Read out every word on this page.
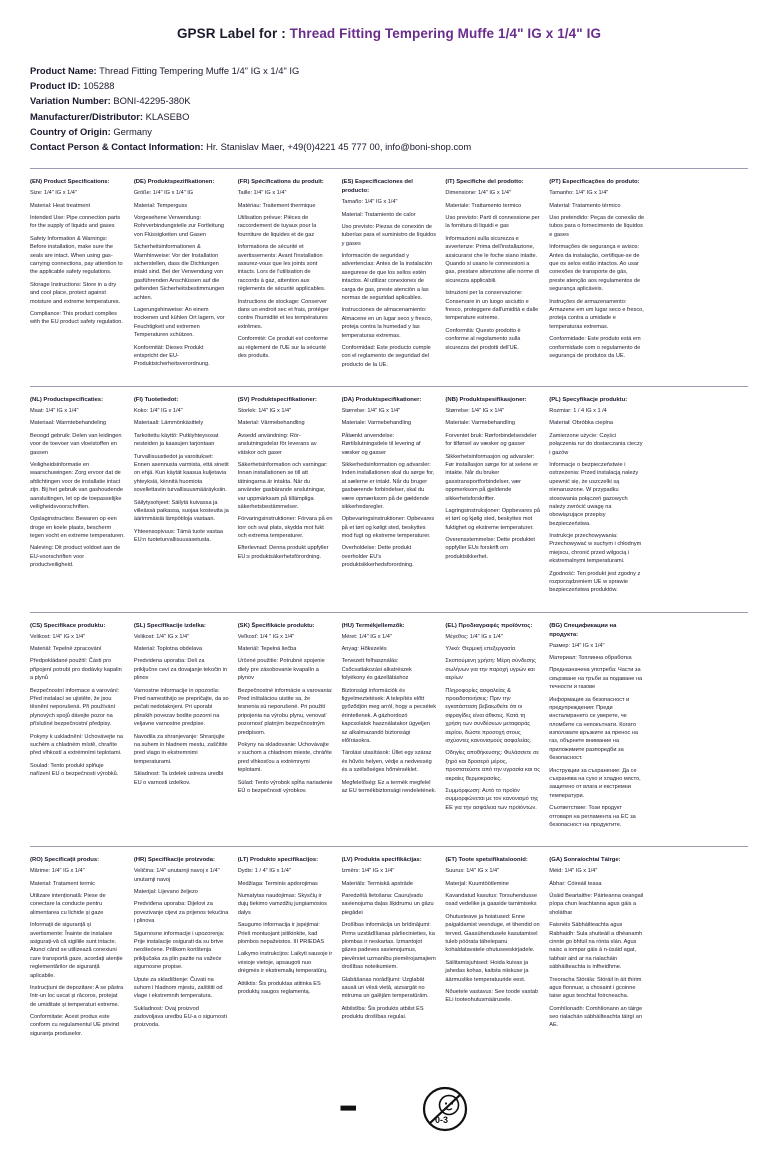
GPSR Label for : Thread Fitting Tempering Muffe 1/4" IG x 1/4" IG
Product Name: Thread Fitting Tempering Muffe 1/4" IG x 1/4" IG
Product ID: 105288
Variation Number: BONI-42295-380K
Manufacturer/Distributor: KLASEBO
Country of Origin: Germany
Contact Person & Contact Information: Hr. Stanislav Maer, +49(0)4221 45 777 00, info@boni-shop.com
(EN) Product Specifications:

Size: 1/4" IG x 1/4"

Material: Heat treatment

Intended Use: Pipe connection parts for the supply of liquids and gases

Safety Information & Warnings: Before installation, make sure the seals are intact. When using gas-carrying connections, pay attention to the applicable safety regulations.

Storage Instructions: Store in a dry and cool place, protect against moisture and extreme temperatures.

Compliance: This product complies with the EU product safety regulation.

(DE) Produktspezifikationen:

Größe: 1/4" IG x 1/4" IG

Material: Temperguss

Vorgesehene Verwendung: Rohrverbindungsteile zur Fortleitung von Flüssigkeiten und Gasen

Sicherheitsinformationen & Warnhinweise: Vor der Installation sicherstellen, dass die Dichtungen intakt sind. Bei der Verwendung von gasführenden Anschlüssen auf die geltenden Sicherheitsbestimmungen achten.

Lagerungshinweise: An einem trockenen und kühlen Ort lagern, vor Feuchtigkeit und extremen Temperaturen schützen.

Konformität: Dieses Produkt entspricht der EU-Produktsicherheitsverordnung.

(FR) Spécifications du produit:

Taille: 1/4" IG x 1/4"

Matériau: Traitement thermique

Utilisation prévue: Pièces de raccordement de tuyaux pour la fourniture de liquides et de gaz

Informations de sécurité et avertissements: Avant l'installation assurez-vous que les joints sont intacts. Lors de l'utilisation de raccords à gaz, attention aux règlements de sécurité applicables.

Instructions de stockage: Conserver dans un endroit sec et frais, protéger contre l'humidité et les températures extrêmes.

Conformité: Ce produit est conforme au règlement de l'UE sur la sécurité des produits.

(ES) Especificaciones del producto:

Tamaño: 1/4" IG x 1/4"

Material: Tratamiento de calor

Uso previsto: Piezas de conexión de tuberías para el suministro de líquidos y gases

Información de seguridad y advertencias: Antes de la instalación asegurese de que los sellos estén intactos. Al utilizar conexiones de carga de gas, preste atención a las normas de seguridad aplicables.

Instrucciones de almacenamiento: Almacene en un lugar seco y fresco, proteja contra la humedad y las temperaturas extremas.

Conformidad: Este producto cumple con el reglamento de seguridad del producto de la UE.

(IT) Specifiche del prodotto:

Dimensione: 1/4" IG x 1/4"

Materiale: Trattamento termico

Uso previsto: Parti di connessione per la fornitura di liquidi e gas

Informazioni sulla sicurezza e avvertenze: Prima dell'installazione, assicurarsi che le foche siano intatte. Quando si usano le connessioni a gas, prestare attenzione alle norme di sicurezza applicabili.

Istruzioni per la conservazione: Conservare in un luogo asciutto e fresco, proteggere dall'umidità e dalle temperature estreme.

Conformità: Questo prodotto è conforme al regolamento sulla sicurezza dei prodotti dell'UE.

(PT) Especificações do produto:

Tamanho: 1/4" IG x 1/4"

Material: Tratamento térmico

Uso pretendido: Peças de conexão de tubos para o fornecimento de líquidos e gases

Informações de segurança e avisos: Antes da instalação, certifique-se de que os selos estão intactos. Ao usar conexões de transporte de gás, preste atenção aos regulamentos de segurança aplicáveis.

Instruções de armazenamento: Armazene em um lugar seco e fresco, proteja contra a umidade e temperaturas extremas.

Conformidade: Este produto está em conformidade com o regulamento de segurança de produtos da UE.

(NL) Productspecificaties:

Maat: 1/4" IG x 1/4"

Materiaal: Warmtebehandeling

Beoogd gebruik: Delen van leidingen voor de toevoer van vloeistoffen en gassen

Veiligheidsinformatie en waarschuwingen: Zorg ervoor dat de afdichtingen voor de installatie intact zijn. Bij het gebruik van gashoudende aansluitingen, let op de toepasselijke veiligheidsvoorschriften.

Opslaginstructies: Bewaren op een droge en koele plaats, bescherm tegen vocht en extreme temperaturen.

Naleving: Dit product voldoet aan de EU-voorschriften voor productveiligheid.

(FI) Tuotetiedot:

Koko: 1/4" IG x 1/4"

Materiaali: Lämmönkäsittely

Tarkoitettu käyttö: Putkiyhteysosat nesteiden ja kaasujen tarjontaan

Turvallisuustiedot ja varoitukset: Ennen asennusta varmista, että sinetit on ehjä. Kun käytät kaasua kuljetavia yhteyksiä, kiinnitä huomiota sovellettaviin turvallisuusmääräyksiin.

Säilytysohjeet: Säilytä kuivassa ja viileässä paikassa, suojaa kosteutta ja äärimmäisiä lämpötiloja vastaan.

Yhteensopivuus: Tämä tuote vastaa EU:n tuoteturvallisuusasetusta.

(SV) Produktspecifikationer:

Storlek: 1/4" IG x 1/4"

Material: Värmebehandling

Avsedd användning: Rör-anslutningsdelar för leverans av vätskor och gaser

Säkerhetsinformation och varningar: Innan installationen se till att tätningarna är intakta. När du använder gasbärande anslutningar, var uppmärksam på tillämpliga säkerhetsbestämmelser.

Förvaringsinstruktioner: Förvara på en torr och sval plats, skydda mot fukt och extrema temperaturer.

Efterlevnad: Denna produkt uppfyller EU:s produktsäkerhetsförordning.

(DA) Produktspecifikationer:

Størrelse: 1/4" IG x 1/4"

Materiale: Varmebehandling

Påtænkt anvendelse: Rørtilslutningsdele til levering af væsker og gasser

Sikkerhedsinformation og advarsler: Inden installationen skal du sørge for, at sælerne er intakt. Når du bruger gasbærende forbindelser, skal du være opmærksom på de gældende sikkerhedsregler.

Opbevaringsinstruktioner: Opbevares på et tørt og køligt sted, beskyttes mod fugt og ekstreme temperaturer.

Overholdelse: Dette produkt overholder EU's produktsikkerhedsforordning.

(NB) Produktspesifikasjoner:

Størrelse: 1/4" IG x 1/4"

Materiale: Varmebehandling

Forventet bruk: Rørforbindelsesdeler for tilførsel av væsker og gasser

Sikkerhetsinformasjon og advarsler: Før installasjon sørge for at selene er intakte. Når du bruker gasstransportforbindelser, vær oppmerksom på gjeldende sikkerhetsforskrifter.

Lagringsinstruksjoner: Oppbevares på et tørt og kjølig sted, beskyttes mot fuktighet og ekstreme temperaturer.

Overensstemmelse: Dette produktet oppfyller EUs forskrift om produktsikkerhet.

(PL) Specyfikacje produktu:

Rozmiar: 1 / 4 IG x 1 /4

Materiał: Obróbka cieplna

Zamierzone użycie: Części połączenia rur do dostarczania cieczy i gazów

Informacje o bezpieczeństwie i ostrzeżenia: Przed instalacją należy upewnić się, że uszczelki są nienaruszone. W przypadku stosowania połączeń gazowych należy zwrócić uwagę na obowiązujące przepisy bezpieczeństwa.

Instrukcje przechowywania: Przechowywać w suchym i chłodnym miejscu, chronić przed wilgocią i ekstremalnymi temperaturami.

Zgodność: Ten produkt jest zgodny z rozporządzeniem UE w sprawie bezpieczeństwa produktów.

(CS) Specifikace produktu:

Velikost: 1/4" IG x 1/4"

Materiál: Tepelné zpracování

Předpokládané použití: Části pro připojení potrubí pro dodávky kapalin a plynů

Bezpečnostní informace a varování: Před instalací se ujistěte, že jsou těsnění neporušená. Při používání plynových spojů dávejte pozor na příslušné bezpečnostní předpisy.

Pokyny k uskladnění: Uchovávejte na suchém a chladném místě, chraňte před vlhkostí a extrémními teplotami.

Soulad: Tento produkt splňuje nařízení EU o bezpečnosti výrobků.

(SL) Specifikacije izdelka:

Velikost: 1/4" IG x 1/4"

Material: Toplotna obdelava

Predvidena uporaba: Deli za priključne cevi za dovajanje tekočin in plinov

Varnostne informacije in opozorila: Pred namestitvijo se prepričajte, da so pečati nedotaknjeni. Pri uporabi plinskih povezav bodite pozorni na veljavne varnostne predpise.

Navodila za shranjevanje: Shranjujte na suhem in hladnem mestu, zaščitite pred vlago in ekstremnimi temperaturami.

Skladnost: Ta izdelek ustreza uredbi EU o varnosti izdelkov.

(SK) Špecifikácie produktu:

Veľkosť: 1/4 " IG x 1/4"

Materiál: Tepelná liečba

Určené použitie: Potrubné spojenie diely pre zásobovanie kvapalín a plynov

Bezpečnostné informácie a varovania: Pred inštaláciou uistite sa, že tesnenia sú neporušené. Pri použití pripojenia na výrobu plynu, venovať pozornosť platným bezpečnostným predpisom.

Pokyny na skladovanie: Uchovávajte v suchom a chladnom mieste, chráňte pred vlhkosťou a extrémnymi teplotami.

Súlad: Tento výrobok spĺňa nariadenie EÚ o bezpečnosti výrobkov.

(HU) Termékjellemzők:

Méret: 1/4" IG x 1/4"

Anyag: Hőkezelés

Tervezett felhasználás: Csőcsatlakozási alkatrészek folyékony és gázellátáshoz

Biztonsági információk és figyelmeztetések: A telepítés előtt győződjön meg arról, hogy a pecsétek érintetlenek. A gázhordozó kapcsolatok használatakor ügyeljen az alkalmazandó biztonsági előírásokra.

Tárolási utasítások: Üllet egy száraz és hűvös helyen, védje a nedvesség és a szélsőséges hőmérséklet.

Megfelelőség: Ez a termék megfelel az EU termékbiztonsági rendeletének.

(EL) Προδιαγραφές προϊόντος:

Μέγεθος: 1/4" IG x 1/4"

Υλικό: Θερμική επεξεργασία

Σκοπούμενη χρήση: Μέρη σύνδεσης σωλήνων για την παροχή υγρών και αερίων

Πληροφορίες ασφαλείας & προειδοποιήσεις: Πριν την εγκατάσταση βεβαιωθείτε ότι οι σφραγίδες είναι άθικτες. Κατά τη χρήση των συνδέσεων μεταφοράς αερίου, δώστε προσοχή στους ισχύοντες κανονισμούς ασφαλείας.

Οδηγίες αποθήκευσης: Φυλάσσετε σε ξηρό και δροσερό μέρος, προστατεύστε από την υγρασία και τις ακραίες θερμοκρασίες.

Συμμόρφωση: Αυτό το προϊόν συμμορφώνεται με τον κανονισμό της ΕΕ για την ασφάλεια των προϊόντων.

(BG) Спецификации на продукта:

Размер: 1/4" IG x 1/4"

Материал: Топлинна обработка

Предназначена употреба: Части за свързване на тръби за подаване на течности и газове

Информация за безопасност и предупреждения: Преди инсталирането се уверете, че пломбите са непокътнати. Когато използвате връзките за пренос на газ, обърнете внимание на приложимите разпоредби за безопасност.

Инструкции за съхранение: Да се съхранява на сухо и хладно място, защитено от влага и екстремни температури.

Съответствие: Този продукт отговаря на регламента на ЕС за безопасност на продуктите.

(RO) Specificații produs:

Mărime: 1/4" IG x 1/4"

Material: Tratament termic

Utilizare intenționată: Piese de conectare la conducte pentru alimentarea cu lichide și gaze

Informații de siguranță și avertismente: Înainte de instalare asigurați-vă că sigiliile sunt intacte. Atunci când se utilizează conexiuni care transportă gaze, acordați atenție reglementărilor de siguranță aplicabile.

Instrucțiuni de depozitare: A se păstra într-un loc uscat și răcoros, protejat de umiditate și temperaturi extreme.

Conformitate: Acest produs este conform cu regulamentul UE privind siguranța produselor.

(HR) Specifikacije proizvoda:

Veličina: 1/4" unutarnji navoj x 1/4" unutarnji navoj

Materijal: Lijevano željezo

Predviđena uporaba: Dijelovi za povezivanje cijevi za prijenos tekućina i plinova

Sigurnosne informacije i upozorenja: Prije instalacije osigurati da su brtve neoštećene. Prilikom korištenja priključaka za plin pazite na važeće sigurnosne propise.

Upute za skladištenje: Čuvati na suhom i hladnom mjestu, zaštititi od vlage i ekstremnih temperatura.

Sukladnost: Ovaj proizvod zadovoljava uredbu EU-a o sigurnosti proizvoda.

(LT) Produkto specifikacijos:

Dydis: 1 / 4" IG x 1/4"

Medžiaga: Terminis apdorojimas

Numatytas naudojimas: Skysčių ir dujų tiekimo vamzdžių jungiamosios dalys

Saugumo informacija ir įspėjimai: Prieš montuojant įsitikinkite, kad plombos nepažeistos. III PRIEDAS

Laikymo instrukcijos: Laikyti sausoje ir vėsioje vietoje, apsaugoti nuo drėgmės ir ekstremalių temperatūrų.

Atitiktis: Šis produktas atitinka ES produktų saugos reglamentą.

(LV) Produkta specifikācijas:

Izmērs: 1/4" IG x 1/4"

Materiāls: Termiskā apstrāde

Paredzētā lietošana: Cauruļvadu savienojuma daļas šķidrumu un gāzu piegādei

Drošības informācija un brīdinājumi: Pirms uzstādīšanas pārliecinieties, ka plombas ir neskartas. Izmantojot gāzes padeves savienojumus, pievērsiet uzmanību piemērojamajiem drošības noteikumiem.

Glabāšanas norādījumi: Uzglabāt sausā un vēsā vietā, aizsargāt no mitruma un galējām temperatūrām.

Atbilstība: Šis produkts atbilst ES produktu drošības regulai.

(ET) Toote spetsifikatsioonid:

Suurus: 1/4" IG x 1/4"

Materjal: Kuumtöötlemine

Kavandatud kasutus: Torsuhendusse osad vedelike ja gaaside tarnimiseks

Ohutusteave ja hoiatused: Enne paigaldamist veenduge, et tihendid on terved. Gaasühendusele kasutamisel tuleb pöörata tähelepanu kohaldatavatele ohutuseeskirjadele.

Säilitamisjuhised: Hoida kuivas ja jahedas kohas, kaitsta niiskuse ja äärmuslike temperatuuride eest.

Nõuetele vastavus: See toode vastab ELi tooteohutusmäärusele.

(GA) Sonraíochtaí Táirge:

Méid: 1/4" IG x 1/4"

Ábhar: Cóireáil teasa

Úsáid Beartaithe: Páirteanna ceangail píopa chun leachtanna agus gáis a sholáthar

Faisnéis Sábháilteachta agus Rabhaidh: Sula shuiteáil a dhéanamh cinnte go bhfuil na rónta slán. Agus naisc a iompar gáis á n-úsáid agat, tabhair aird ar na rialacháin sábháilteachta is infheidhme.

Treoracha Stórála: Stóráil in áit thirim agus fionnuar, a chosaint i gcoinne taise agus teochtaí foircneacha.

Comhlíonadh: Comhlíonann an táirge seo rialachán sábháilteachta táirgí an AE.

0-3
